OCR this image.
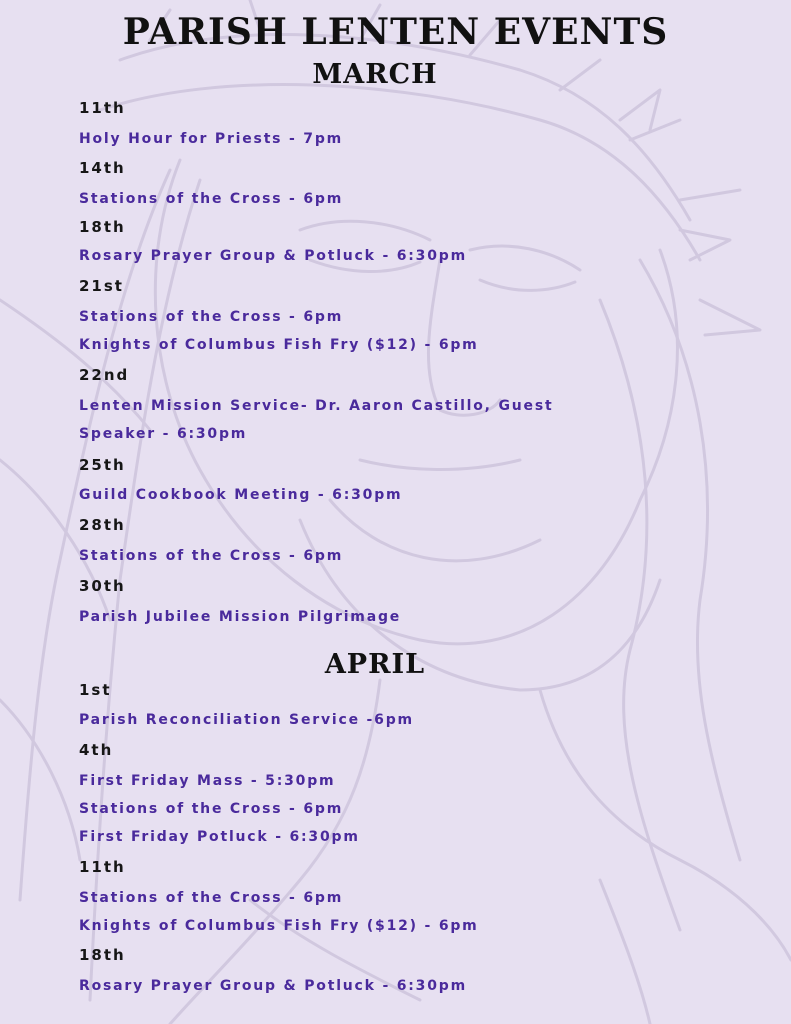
PARISH LENTEN EVENTS
MARCH

11th

Holy Hour for Priests - 7pm

14th

Stations of the Cross - 6pm

18th

Rosary Prayer Group & Potluck - 6:30pm

21st

Stations of the Cross - 6pm

Knights of Columbus Fish Fry ($12) - 6pm

22nd

Lenten Mission Service- Dr. Aaron Castillo, Guest

Speaker - 6:30pm

25th

Guild Cookbook Meeting - 6:30pm

28th

Stations of the Cross - 6pm

30th

Parish Jubilee Mission Pilgrimage

APRIL

1st

Parish Reconciliation Service -6pm

4th

First Friday Mass - 5:30pm

Stations of the Cross - 6pm

First Friday Potluck - 6:30pm

11th

Stations of the Cross - 6pm

Knights of Columbus Fish Fry ($12) - 6pm

18th

Rosary Prayer Group & Potluck - 6:30pm
